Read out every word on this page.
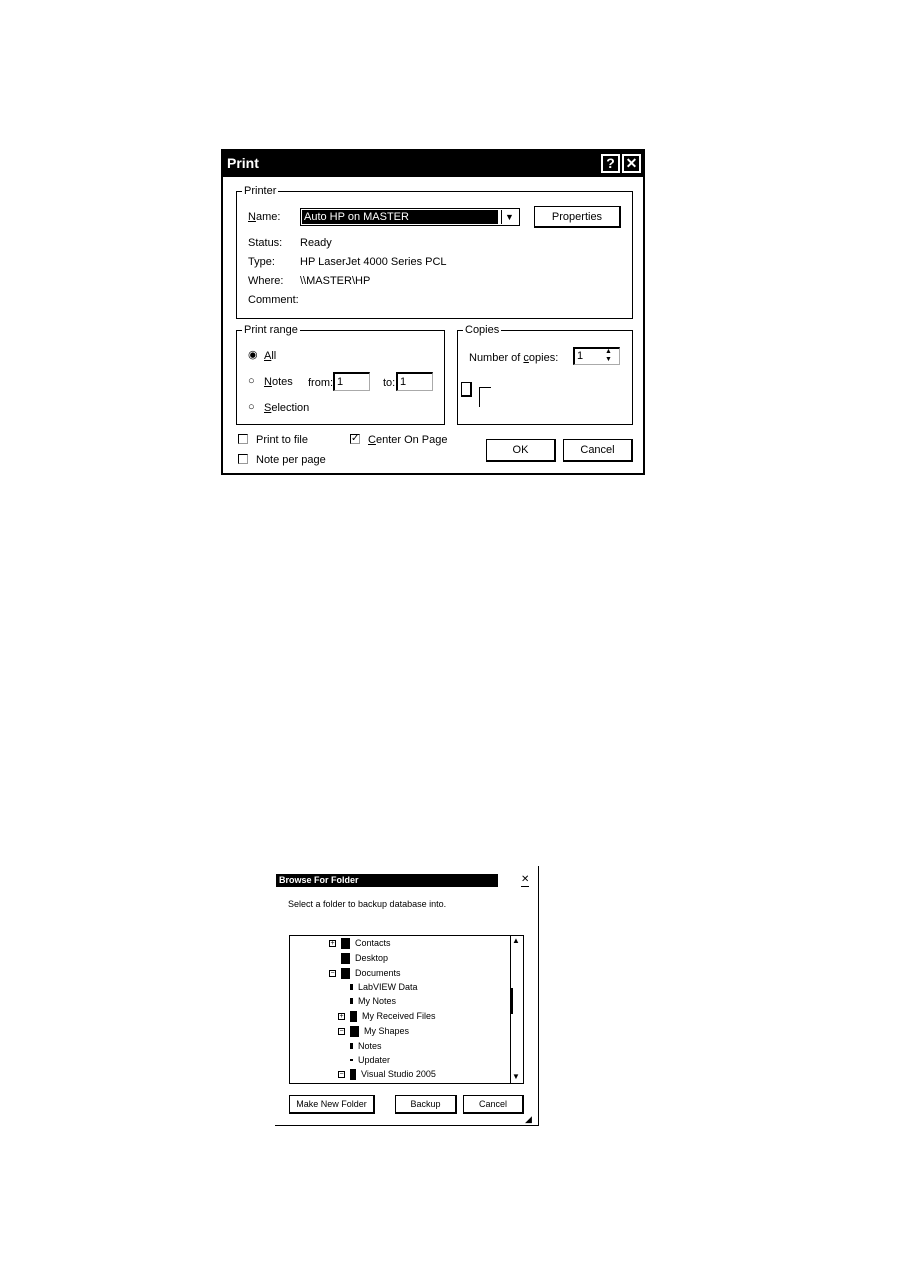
Print	? ✕
Printer
Name: Auto HP on MASTER	▼	Properties
Status: Ready
Type: HP LaserJet 4000 Series PCL
Where: \\MASTER\HP
Comment:
Print range
◉ All
○ Notes from: 1	to: 1
○ Selection
Copies
Number of copies: 1	▲
▼
Print to file
Note per page
✓ Center On Page
OK	Cancel
Browse For Folder	✕
Select a folder to backup database into.
+ Contacts
Desktop
− Documents
LabVIEW Data
My Notes
+ My Received Files
− My Shapes
Notes
Updater
− Visual Studio 2005
▲
▼
Make New Folder	Backup	Cancel
◢
